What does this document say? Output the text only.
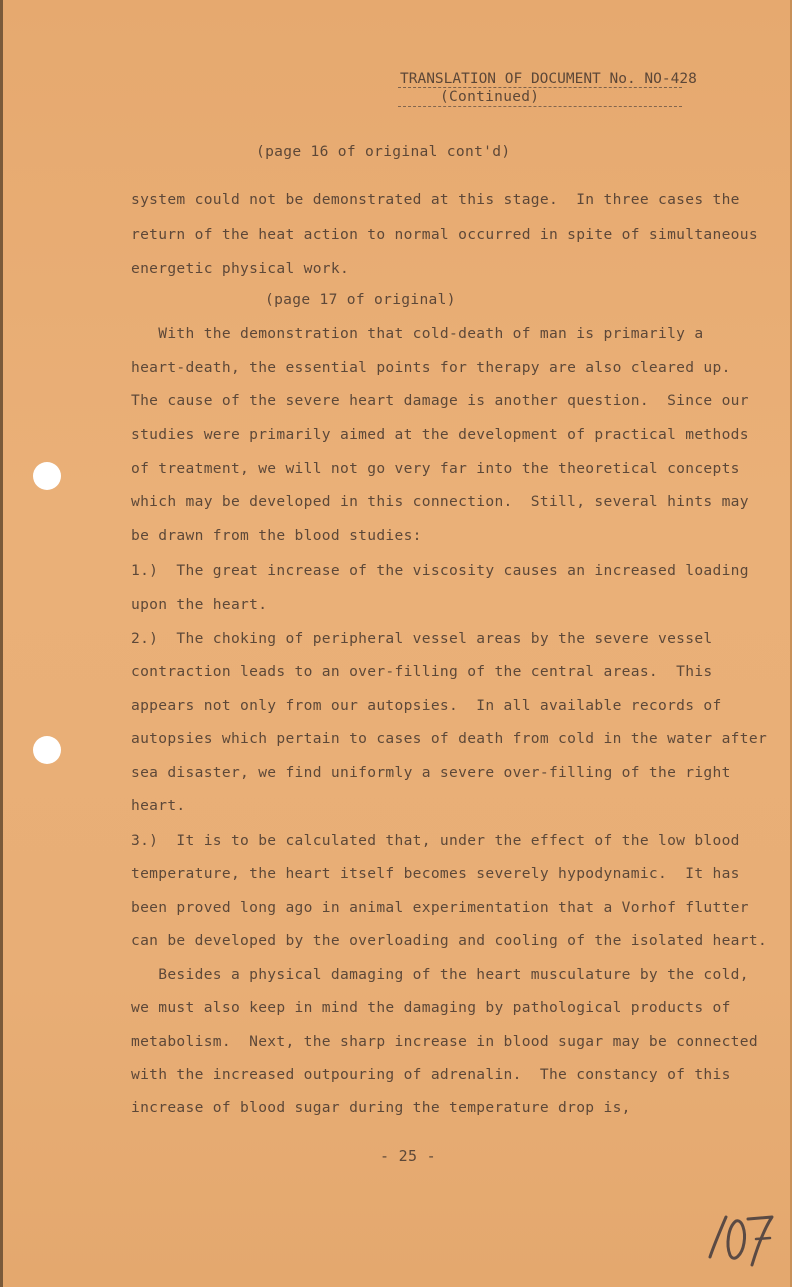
TRANSLATION OF DOCUMENT No. NO-428
(Continued)
(page 16 of original cont'd)
system could not be demonstrated at this stage.  In three cases the
return of the heat action to normal occurred in spite of simultaneous
energetic physical work.
(page 17 of original)
With the demonstration that cold-death of man is primarily a
heart-death, the essential points for therapy are also cleared up.
The cause of the severe heart damage is another question.  Since our
studies were primarily aimed at the development of practical methods
of treatment, we will not go very far into the theoretical concepts
which may be developed in this connection.  Still, several hints may
be drawn from the blood studies:
1.)  The great increase of the viscosity causes an increased loading
upon the heart.
2.)  The choking of peripheral vessel areas by the severe vessel
contraction leads to an over-filling of the central areas.  This
appears not only from our autopsies.  In all available records of
autopsies which pertain to cases of death from cold in the water after
sea disaster, we find uniformly a severe over-filling of the right
heart.
3.)  It is to be calculated that, under the effect of the low blood
temperature, the heart itself becomes severely hypodynamic.  It has
been proved long ago in animal experimentation that a Vorhof flutter
can be developed by the overloading and cooling of the isolated heart.
Besides a physical damaging of the heart musculature by the cold,
we must also keep in mind the damaging by pathological products of
metabolism.  Next, the sharp increase in blood sugar may be connected
with the increased outpouring of adrenalin.  The constancy of this
increase of blood sugar during the temperature drop is,
- 25 -
